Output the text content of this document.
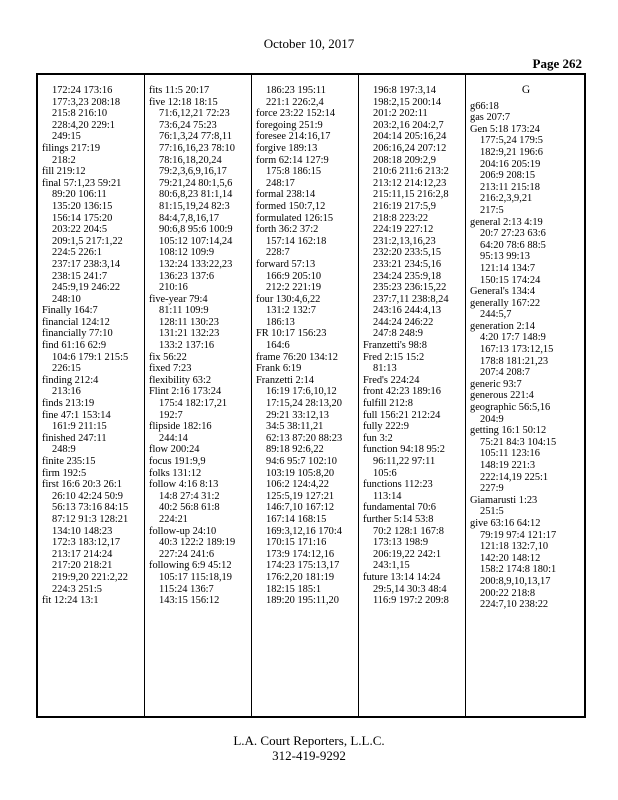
October 10, 2017
Page 262
172:24 173:16
177:3,23 208:18
215:8 216:10
228:4,20 229:1
249:15
filings 217:19
218:2
fill 219:12
final 57:1,23 59:21
89:20 106:11
135:20 136:15
156:14 175:20
203:22 204:5
209:1,5 217:1,22
224:5 226:1
237:17 238:3,14
238:15 241:7
245:9,19 246:22
248:10
Finally 164:7
financial 124:12
financially 77:10
find 61:16 62:9
104:6 179:1 215:5
226:15
finding 212:4
213:16
finds 213:19
fine 47:1 153:14
161:9 211:15
finished 247:11
248:9
finite 235:15
firm 192:5
first 16:6 20:3 26:1
26:10 42:24 50:9
56:13 73:16 84:15
87:12 91:3 128:21
134:10 148:23
172:3 183:12,17
213:17 214:24
217:20 218:21
219:9,20 221:2,22
224:3 251:5
fit 12:24 13:1
fits 11:5 20:17
five 12:18 18:15
71:6,12,21 72:23
73:6,24 75:23
76:1,3,24 77:8,11
77:16,16,23 78:10
78:16,18,20,24
79:2,3,6,9,16,17
79:21,24 80:1,5,6
80:6,8,23 81:1,14
81:15,19,24 82:3
84:4,7,8,16,17
90:6,8 95:6 100:9
105:12 107:14,24
108:12 109:9
132:24 133:22,23
136:23 137:6
210:16
five-year 79:4
81:11 109:9
128:11 130:23
131:21 132:23
133:2 137:16
fix 56:22
fixed 7:23
flexibility 63:2
Flint 2:16 173:24
175:4 182:17,21
192:7
flipside 182:16
244:14
flow 200:24
focus 191:9,9
folks 131:12
follow 4:16 8:13
14:8 27:4 31:2
40:2 56:8 61:8
224:21
follow-up 24:10
40:3 122:2 189:19
227:24 241:6
following 6:9 45:12
105:17 115:18,19
115:24 136:7
143:15 156:12
186:23 195:11
221:1 226:2,4
force 23:22 152:14
foregoing 251:9
foresee 214:16,17
forgive 189:13
form 62:14 127:9
175:8 186:15
248:17
formal 238:14
formed 150:7,12
formulated 126:15
forth 36:2 37:2
157:14 162:18
228:7
forward 57:13
166:9 205:10
212:2 221:19
four 130:4,6,22
131:2 132:7
186:13
FR 10:17 156:23
164:6
frame 76:20 134:12
Frank 6:19
Franzetti 2:14
16:19 17:6,10,12
17:15,24 28:13,20
29:21 33:12,13
34:5 38:11,21
62:13 87:20 88:23
89:18 92:6,22
94:6 95:7 102:10
103:19 105:8,20
106:2 124:4,22
125:5,19 127:21
146:7,10 167:12
167:14 168:15
169:3,12,16 170:4
170:15 171:16
173:9 174:12,16
174:23 175:13,17
176:2,20 181:19
182:15 185:1
189:20 195:11,20
196:8 197:3,14
198:2,15 200:14
201:2 202:11
203:2,16 204:2,7
204:14 205:16,24
206:16,24 207:12
208:18 209:2,9
210:6 211:6 213:2
213:12 214:12,23
215:11,15 216:2,8
216:19 217:5,9
218:8 223:22
224:19 227:12
231:2,13,16,23
232:20 233:5,15
233:21 234:5,16
234:24 235:9,18
235:23 236:15,22
237:7,11 238:8,24
243:16 244:4,13
244:24 246:22
247:8 248:9
Franzetti's 98:8
Fred 2:15 15:2
81:13
Fred's 224:24
front 42:23 189:16
fulfill 212:8
full 156:21 212:24
fully 222:9
fun 3:2
function 94:18 95:2
96:11,22 97:11
105:6
functions 112:23
113:14
fundamental 70:6
further 5:14 53:8
70:2 128:1 167:8
173:13 198:9
206:19,22 242:1
243:1,15
future 13:14 14:24
29:5,14 30:3 48:4
116:9 197:2 209:8
G
g66:18
gas 207:7
Gen 5:18 173:24
177:5,24 179:5
182:9,21 196:6
204:16 205:19
206:9 208:15
213:11 215:18
216:2,3,9,21
217:5
general 2:13 4:19
20:7 27:23 63:6
64:20 78:6 88:5
95:13 99:13
121:14 134:7
150:15 174:24
General's 134:4
generally 167:22
244:5,7
generation 2:14
4:20 17:7 148:9
167:13 173:12,15
178:8 181:21,23
207:4 208:7
generic 93:7
generous 221:4
geographic 56:5,16
204:9
getting 16:1 50:12
75:21 84:3 104:15
105:11 123:16
148:19 221:3
222:14,19 225:1
227:9
Giamarusti 1:23
251:5
give 63:16 64:12
79:19 97:4 121:17
121:18 132:7,10
142:20 148:12
158:2 174:8 180:1
200:8,9,10,13,17
200:22 218:8
224:7,10 238:22
L.A. Court Reporters, L.L.C.
312-419-9292
